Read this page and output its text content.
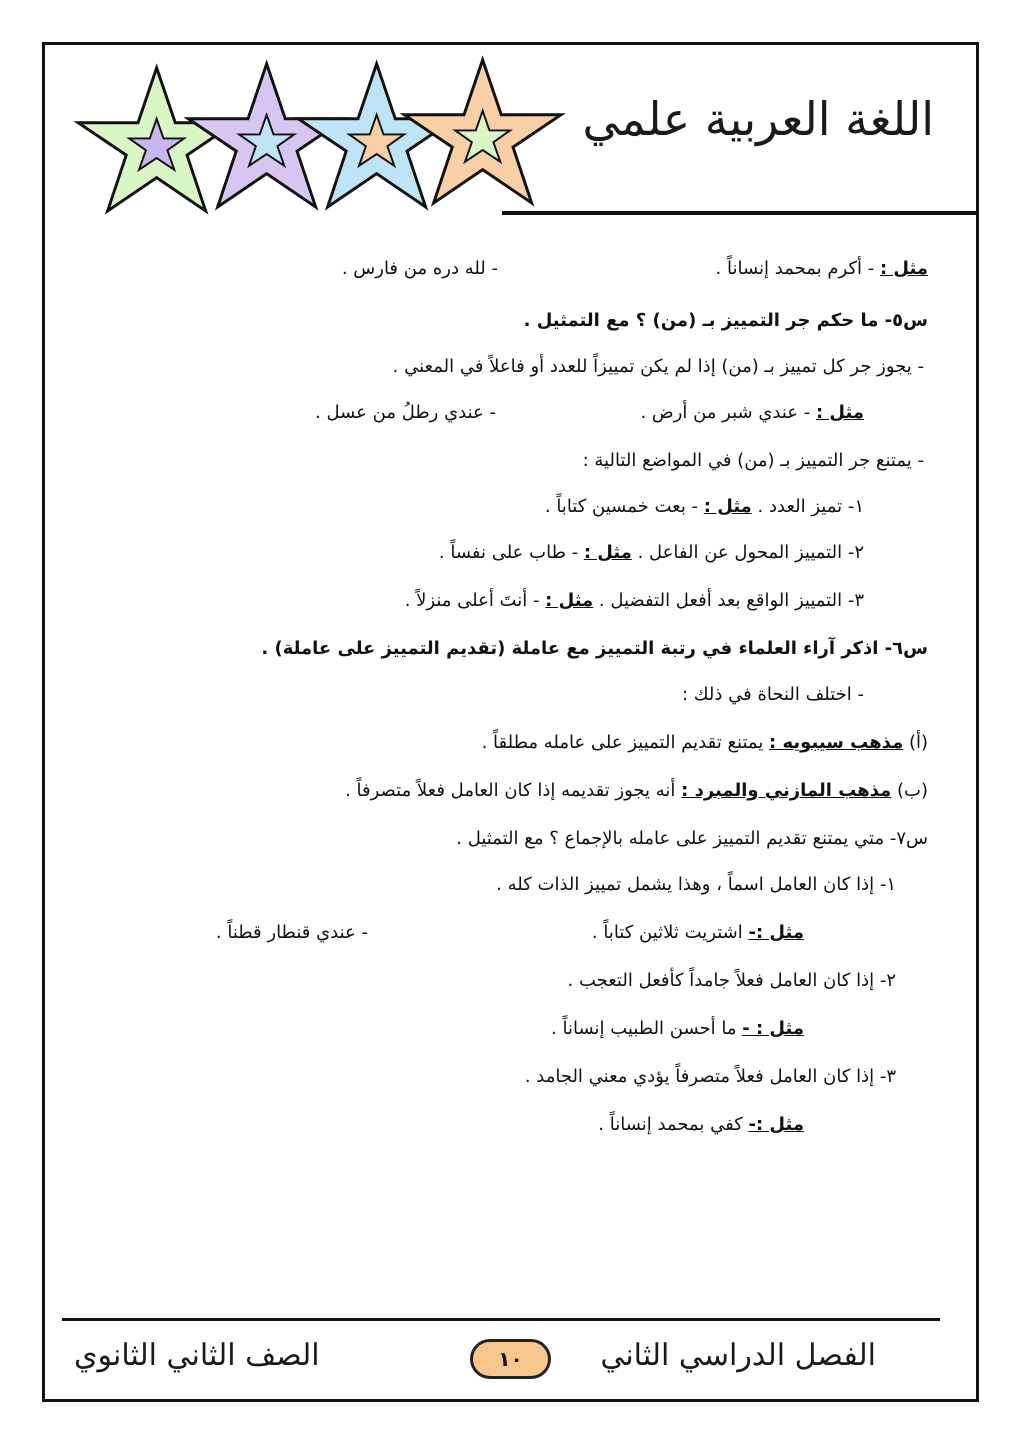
اللغة العربية علمي
مثل : - أكرم بمحمد إنساناً .
- لله دره من فارس .
س٥- ما حكم جر التمييز بـ (من) ؟ مع التمثيل .
- يجوز جر كل تمييز بـ (من) إذا لم يكن تمييزاً للعدد أو فاعلاً في المعني .
مثل : - عندي شبر من أرض .
- عندي رطلُ من عسل .
- يمتنع جر التمييز بـ (من) في المواضع التالية :
١- تميز العدد . مثل : - بعت خمسين كتاباً .
٢- التمييز المحول عن الفاعل . مثل : - طاب على نفساً .
٣- التمييز الواقع بعد أفعل التفضيل . مثل : - أنتَ أعلى منزلاً .
س٦- اذكر آراء العلماء في رتبة التمييز مع عاملة (تقديم التمييز على عاملة) .
- اختلف النحاة في ذلك :
(أ) مذهب سيبويه : يمتنع تقديم التمييز على عامله مطلقاً .
(ب) مذهب المازني والمبرد : أنه يجوز تقديمه إذا كان العامل فعلاً متصرفاً .
س٧- متي يمتنع تقديم التمييز على عامله بالإجماع ؟ مع التمثيل .
١- إذا كان العامل اسماً ، وهذا يشمل تمييز الذات كله .
مثل :- اشتريت ثلاثين كتاباً .
- عندي قنطار قطناً .
٢- إذا كان العامل فعلاً جامداً كأفعل التعجب .
مثل : - ما أحسن الطبيب إنساناً .
٣- إذا كان العامل فعلاً متصرفاً يؤدي معني الجامد .
مثل :- كفي بمحمد إنساناً .
الفصل الدراسي الثاني
١٠
الصف الثاني الثانوي
